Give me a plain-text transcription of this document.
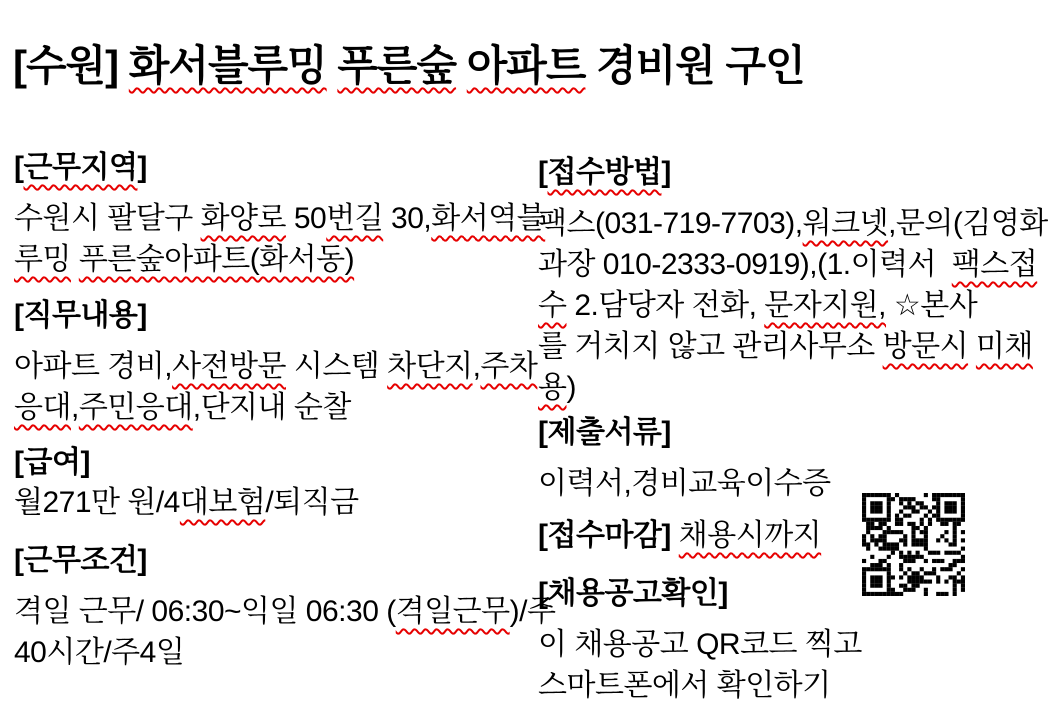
[수원] 화서블루밍 푸른숲 아파트 경비원 구인
[근무지역]
수원시 팔달구 화양로 50번길 30,화서역블
루밍 푸른숲아파트(화서동)
[직무내용]
아파트 경비,사전방문 시스템 차단지,주차
응대,주민응대,단지내 순찰
[급여]
월271만 원/4대보험/퇴직금
[근무조건]
격일 근무/ 06:30~익일 06:30 (격일근무)/주
40시간/주4일
[접수방법]
팩스(031-719-7703),워크넷,문의(김영화
과장 010-2333-0919),(1.이력서  팩스접
수 2.담당자 전화, 문자지원, ☆본사
를 거치지 않고 관리사무소 방문시 미채
용)
[제출서류]
이력서,경비교육이수증
[접수마감] 채용시까지
[채용공고확인]
이 채용공고 QR코드 찍고
스마트폰에서 확인하기
